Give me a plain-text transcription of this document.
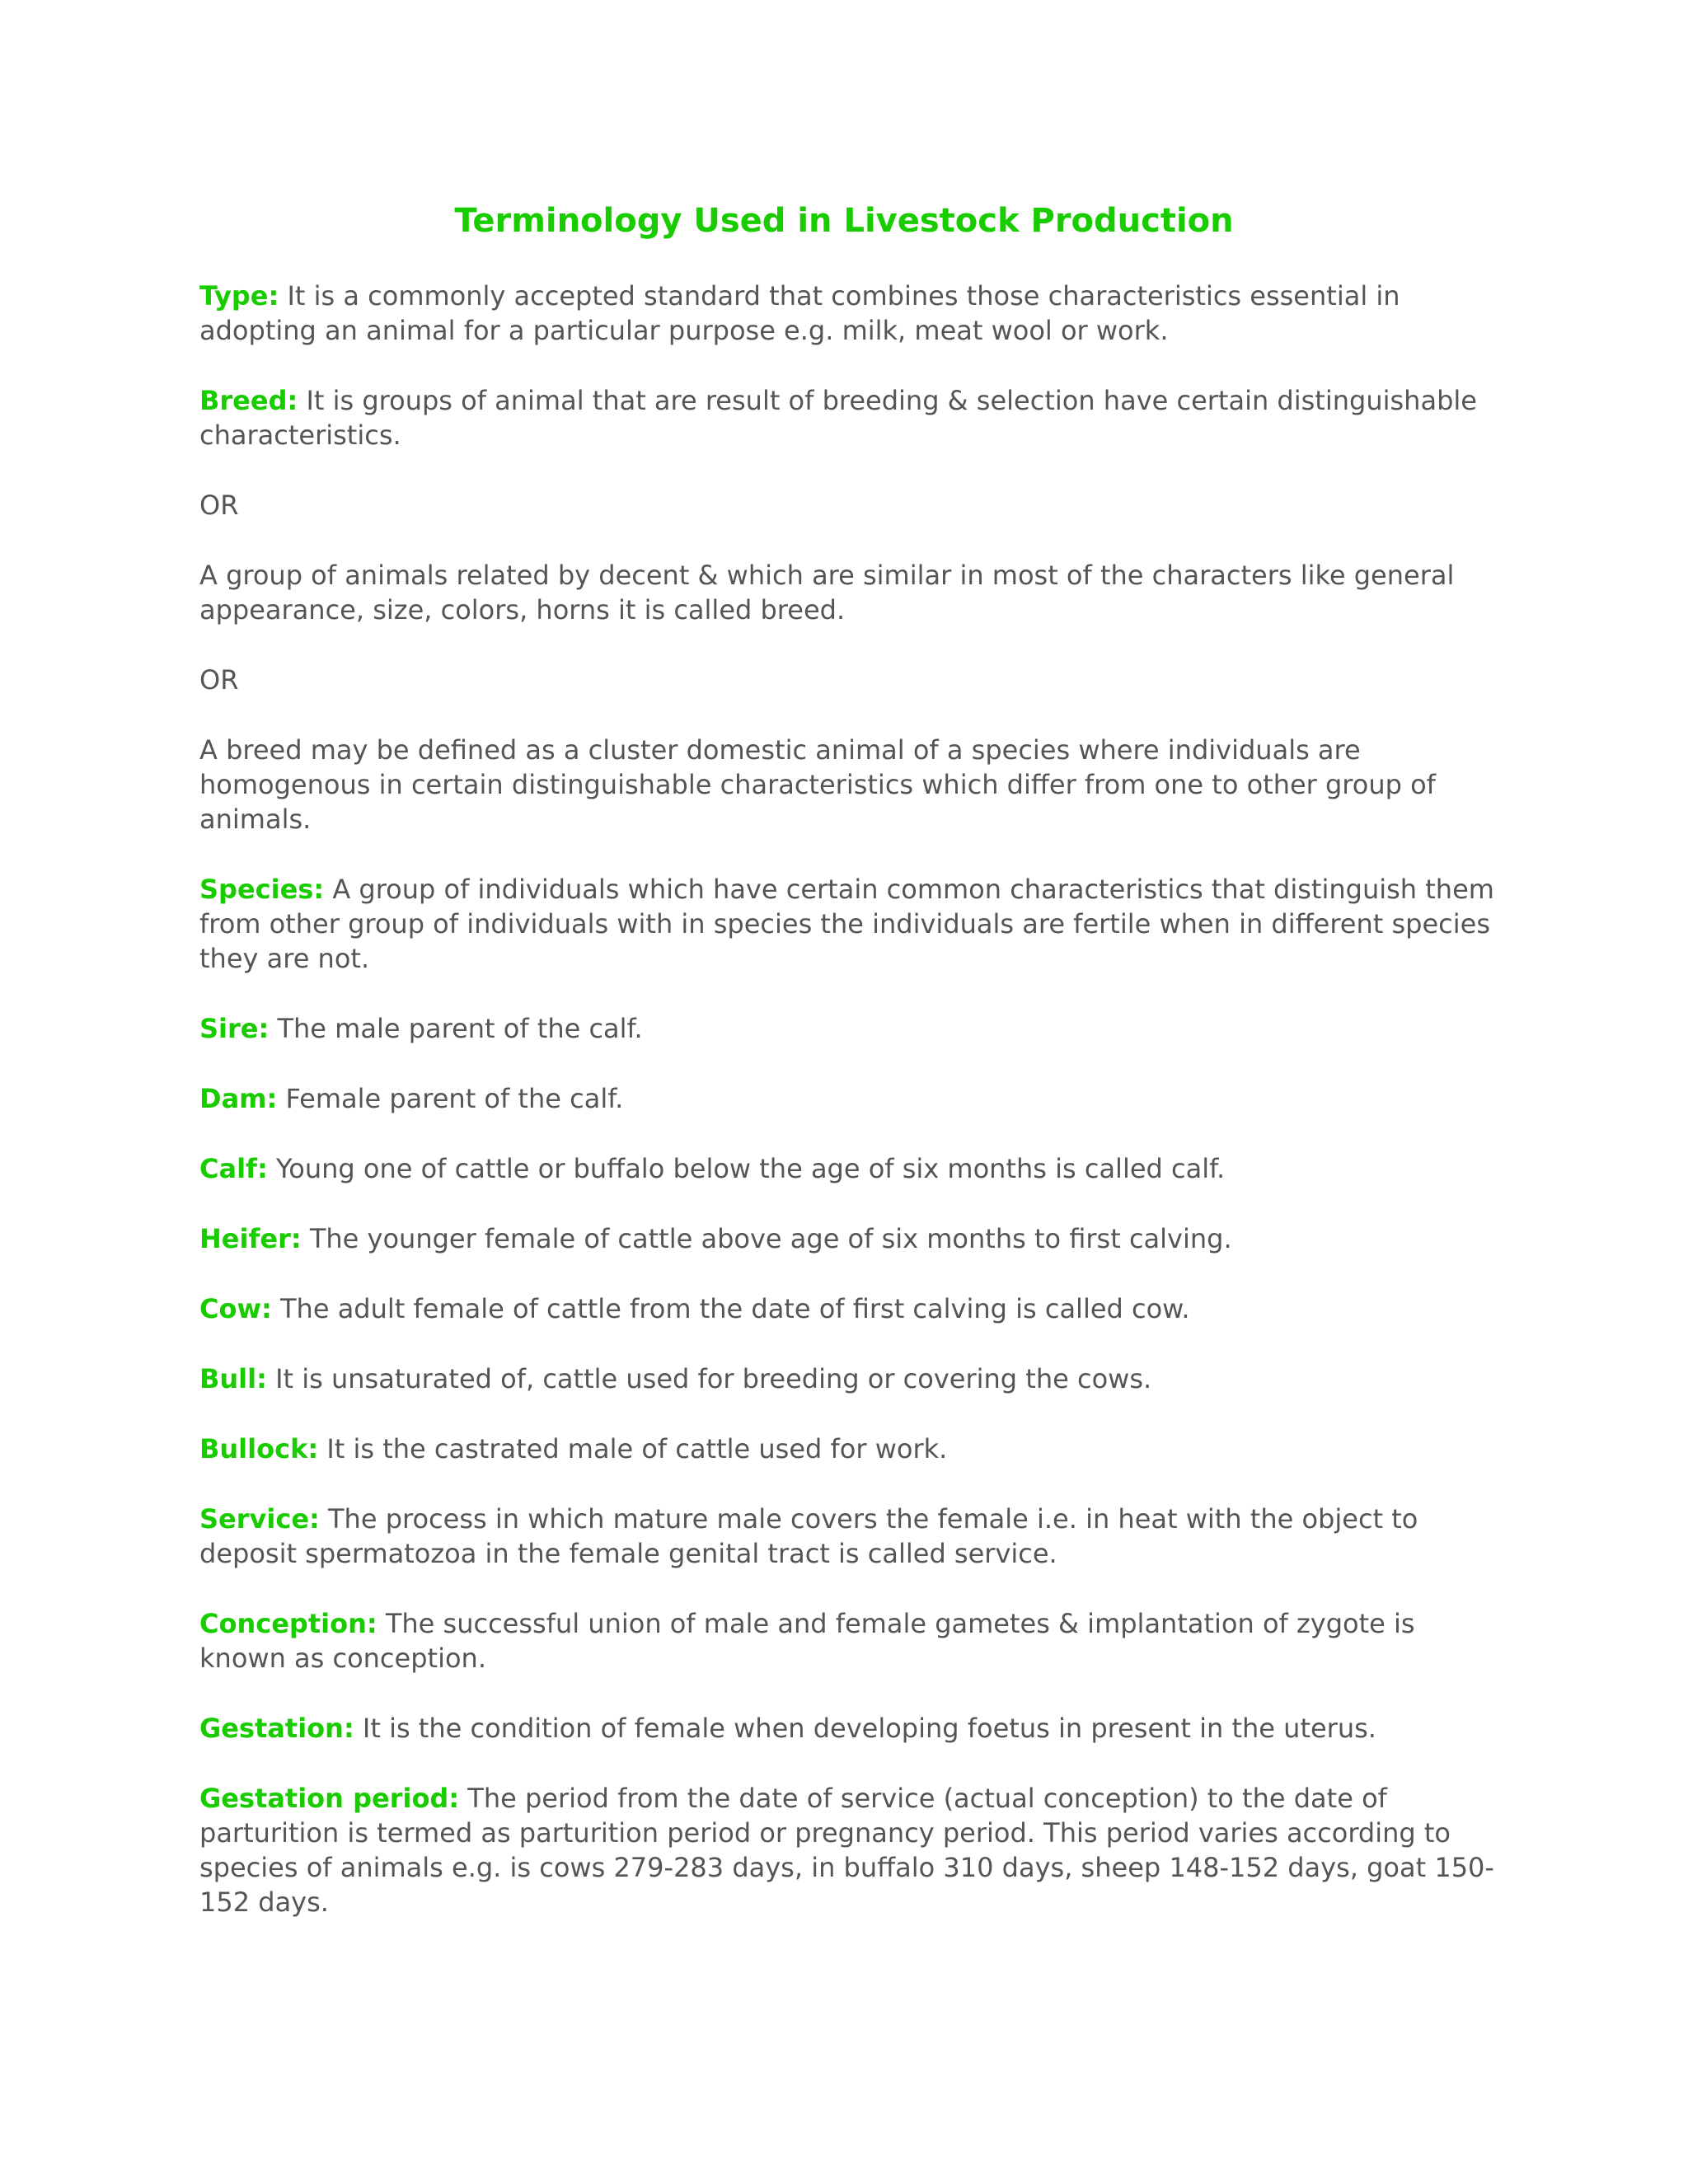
Terminology Used in Livestock Production

Type: It is a commonly accepted standard that combines those characteristics essential in adopting an animal for a particular purpose e.g. milk, meat wool or work.

Breed: It is groups of animal that are result of breeding & selection have certain distinguishable characteristics.

OR

A group of animals related by decent & which are similar in most of the characters like general appearance, size, colors, horns it is called breed.

OR

A breed may be defined as a cluster domestic animal of a species where individuals are homogenous in certain distinguishable characteristics which differ from one to other group of animals.

Species: A group of individuals which have certain common characteristics that distinguish them from other group of individuals with in species the individuals are fertile when in different species they are not.

Sire: The male parent of the calf.

Dam: Female parent of the calf.

Calf: Young one of cattle or buffalo below the age of six months is called calf.

Heifer: The younger female of cattle above age of six months to first calving.

Cow: The adult female of cattle from the date of first calving is called cow.

Bull: It is unsaturated of, cattle used for breeding or covering the cows.

Bullock: It is the castrated male of cattle used for work.

Service: The process in which mature male covers the female i.e. in heat with the object to deposit spermatozoa in the female genital tract is called service.

Conception: The successful union of male and female gametes & implantation of zygote is known as conception.

Gestation: It is the condition of female when developing foetus in present in the uterus.

Gestation period: The period from the date of service (actual conception) to the date of parturition is termed as parturition period or pregnancy period. This period varies according to species of animals e.g. is cows 279-283 days, in buffalo 310 days, sheep 148-152 days, goat 150-152 days.
